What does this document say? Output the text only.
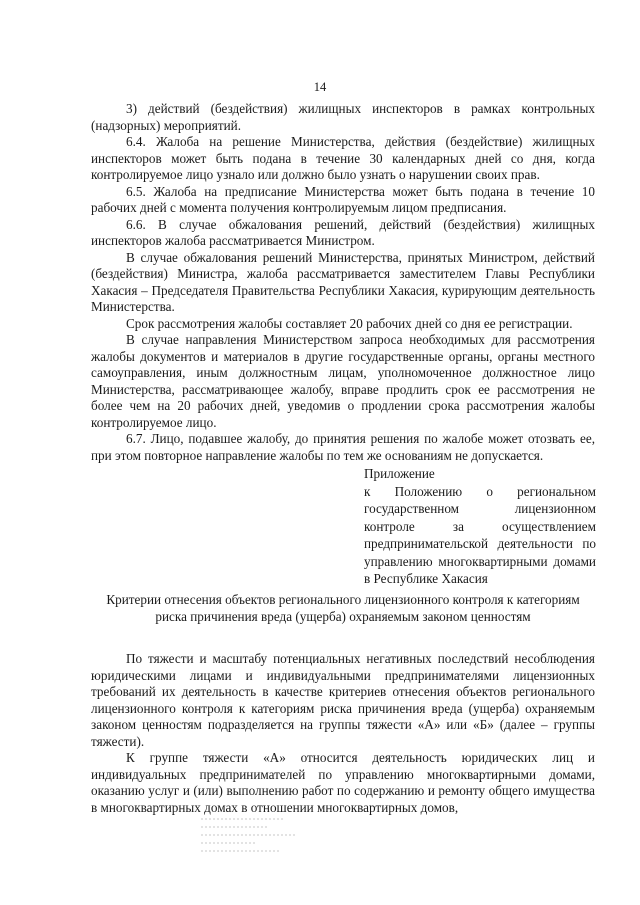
14

3) действий (бездействия) жилищных инспекторов в рамках контрольных (надзорных) мероприятий.

6.4. Жалоба на решение Министерства, действия (бездействие) жилищных инспекторов может быть подана в течение 30 календарных дней со дня, когда контролируемое лицо узнало или должно было узнать о нарушении своих прав.

6.5. Жалоба на предписание Министерства может быть подана в течение 10 рабочих дней с момента получения контролируемым лицом предписания.

6.6. В случае обжалования решений, действий (бездействия) жилищных инспекторов жалоба рассматривается Министром.

В случае обжалования решений Министерства, принятых Министром, действий (бездействия) Министра, жалоба рассматривается заместителем Главы Республики Хакасия – Председателя Правительства Республики Хакасия, курирующим деятельность Министерства.

Срок рассмотрения жалобы составляет 20 рабочих дней со дня ее регистрации.

В случае направления Министерством запроса необходимых для рассмотрения жалобы документов и материалов в другие государственные органы, органы местного самоуправления, иным должностным лицам, уполномоченное должностное лицо Министерства, рассматривающее жалобу, вправе продлить срок ее рассмотрения не более чем на 20 рабочих дней, уведомив о продлении срока рассмотрения жалобы контролируемое лицо.

6.7. Лицо, подавшее жалобу, до принятия решения по жалобе может отозвать ее, при этом повторное направление жалобы по тем же основаниям не допускается.

Приложение

к Положению о региональном государственном лицензионном контроле за осуществлением предпринимательской деятельности по управлению многоквартирными домами в Республике Хакасия

Критерии отнесения объектов регионального лицензионного контроля к категориям риска причинения вреда (ущерба) охраняемым законом ценностям

По тяжести и масштабу потенциальных негативных последствий несоблюдения юридическими лицами и индивидуальными предпринимателями лицензионных требований их деятельность в качестве критериев отнесения объектов регионального лицензионного контроля к категориям риска причинения вреда (ущерба) охраняемым законом ценностям подразделяется на группы тяжести «А» или «Б» (далее – группы тяжести).

К группе тяжести «А» относится деятельность юридических лиц и индивидуальных предпринимателей по управлению многоквартирными домами, оказанию услуг и (или) выполнению работ по содержанию и ремонту общего имущества в многоквартирных домах в отношении многоквартирных домов,
